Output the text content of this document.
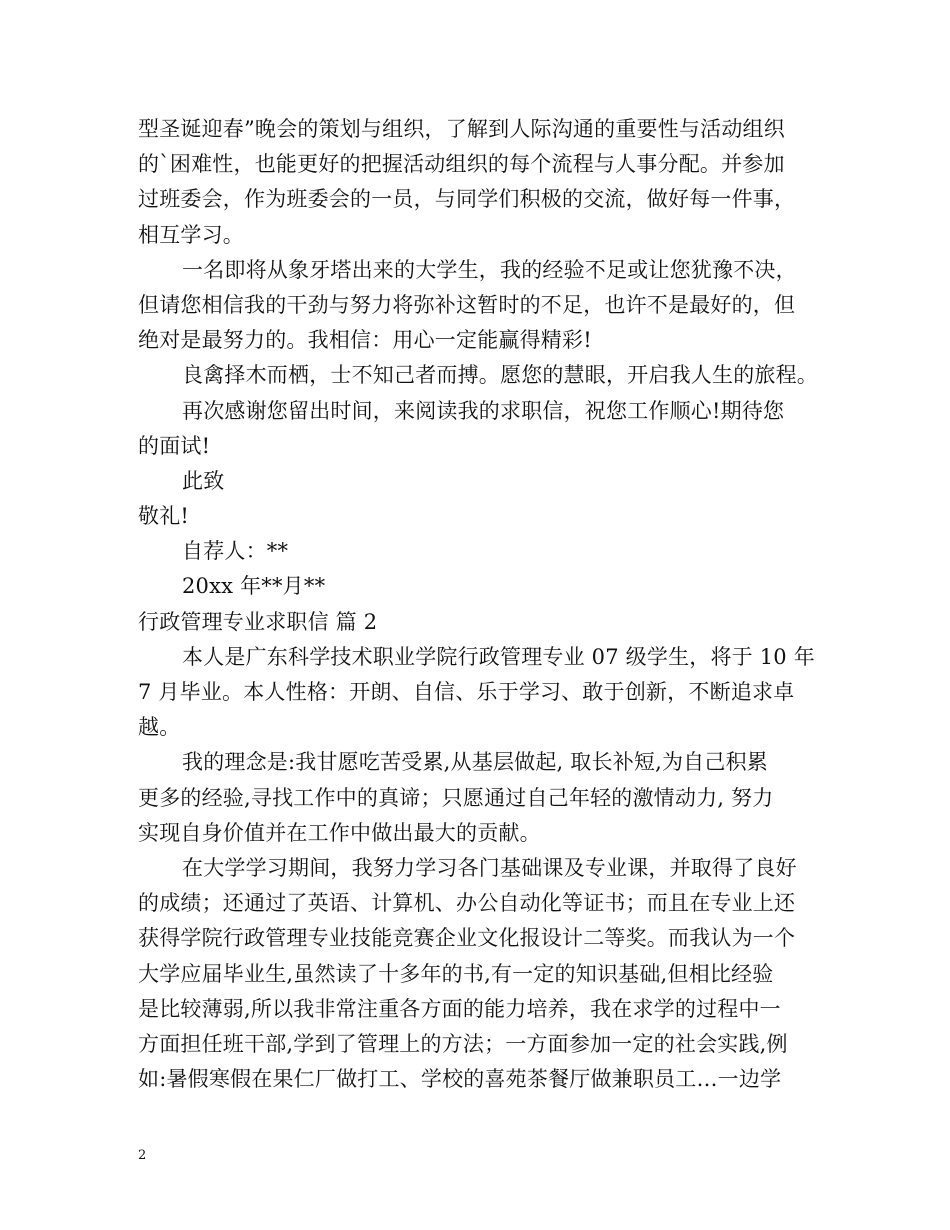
型圣诞迎春”晚会的策划与组织，了解到人际沟通的重要性与活动组织
的`困难性，也能更好的把握活动组织的每个流程与人事分配。并参加
过班委会，作为班委会的一员，与同学们积极的交流，做好每一件事，
相互学习。
一名即将从象牙塔出来的大学生，我的经验不足或让您犹豫不决，
但请您相信我的干劲与努力将弥补这暂时的不足，也许不是最好的，但
绝对是最努力的。我相信：用心一定能赢得精彩!
良禽择木而栖，士不知己者而搏。愿您的慧眼，开启我人生的旅程。
再次感谢您留出时间，来阅读我的求职信，祝您工作顺心!期待您
的面试!
此致
敬礼!
自荐人：**
20xx 年**月**
行政管理专业求职信 篇 2
本人是广东科学技术职业学院行政管理专业 07 级学生，将于 10 年
7 月毕业。本人性格：开朗、自信、乐于学习、敢于创新，不断追求卓
越。
我的理念是:我甘愿吃苦受累,从基层做起, 取长补短,为自己积累
更多的经验,寻找工作中的真谛；只愿通过自己年轻的激情动力, 努力
实现自身价值并在工作中做出最大的贡献。
在大学学习期间，我努力学习各门基础课及专业课，并取得了良好
的成绩；还通过了英语、计算机、办公自动化等证书；而且在专业上还
获得学院行政管理专业技能竞赛企业文化报设计二等奖。而我认为一个
大学应届毕业生,虽然读了十多年的书,有一定的知识基础,但相比经验
是比较薄弱,所以我非常注重各方面的能力培养，我在求学的过程中一
方面担任班干部,学到了管理上的方法；一方面参加一定的社会实践,例
如:暑假寒假在果仁厂做打工、学校的喜苑茶餐厅做兼职员工…一边学
2
